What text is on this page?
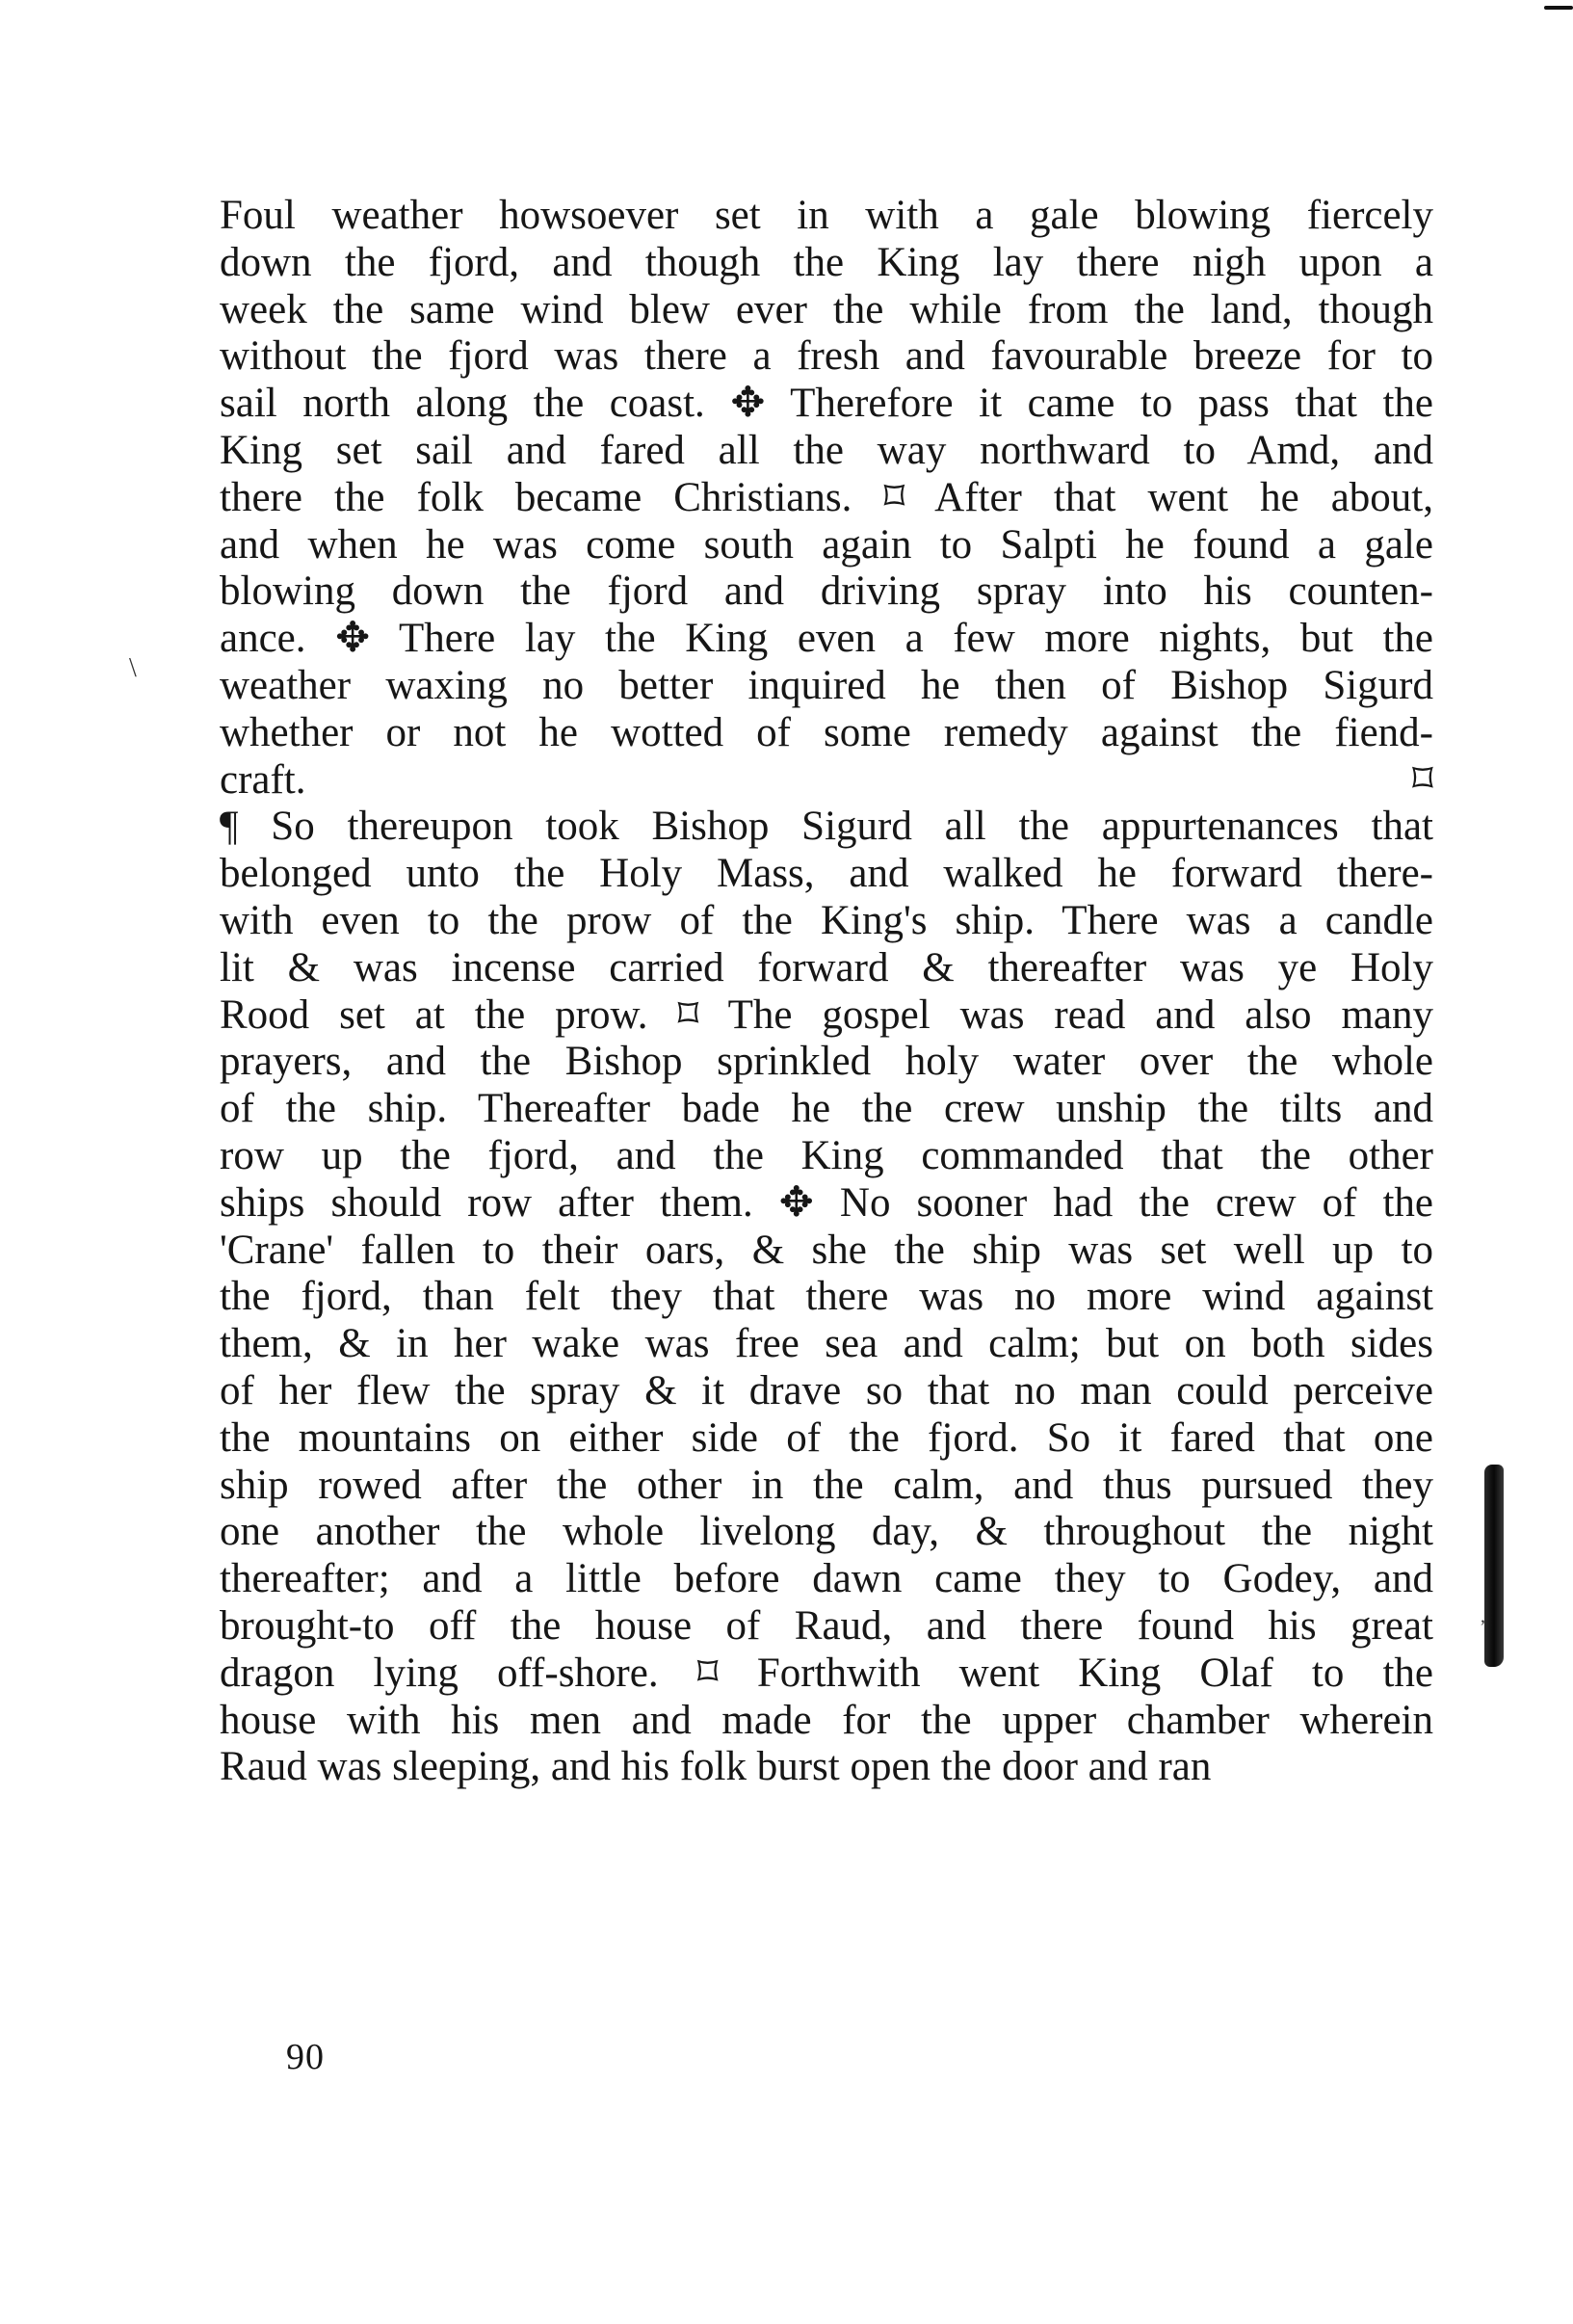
\
ʼ
Foul weather howsoever set in with a gale blowing fiercely
down the fjord, and though the King lay there nigh upon a
week the same wind blew ever the while from the land, though
without the fjord was there a fresh and favourable breeze for to
sail north along the coast. ✥ Therefore it came to pass that the
King set sail and fared all the way northward to Amd, and
there the folk became Christians. ⌑ After that went he about,
and when he was come south again to Salpti he found a gale
blowing down the fjord and driving spray into his counten-
ance. ✥ There lay the King even a few more nights, but the
weather waxing no better inquired he then of Bishop Sigurd
whether or not he wotted of some remedy against the fiend-
craft. ⌑
¶ So thereupon took Bishop Sigurd all the appurtenances that
belonged unto the Holy Mass, and walked he forward there-
with even to the prow of the King's ship. There was a candle
lit & was incense carried forward & thereafter was ye Holy
Rood set at the prow. ⌑ The gospel was read and also many
prayers, and the Bishop sprinkled holy water over the whole
of the ship. Thereafter bade he the crew unship the tilts and
row up the fjord, and the King commanded that the other
ships should row after them. ✥ No sooner had the crew of the
'Crane' fallen to their oars, & she the ship was set well up to
the fjord, than felt they that there was no more wind against
them, & in her wake was free sea and calm; but on both sides
of her flew the spray & it drave so that no man could perceive
the mountains on either side of the fjord. So it fared that one
ship rowed after the other in the calm, and thus pursued they
one another the whole livelong day, & throughout the night
thereafter; and a little before dawn came they to Godey, and
brought-to off the house of Raud, and there found his great
dragon lying off-shore. ⌑ Forthwith went King Olaf to the
house with his men and made for the upper chamber wherein
Raud was sleeping, and his folk burst open the door and ran
90
